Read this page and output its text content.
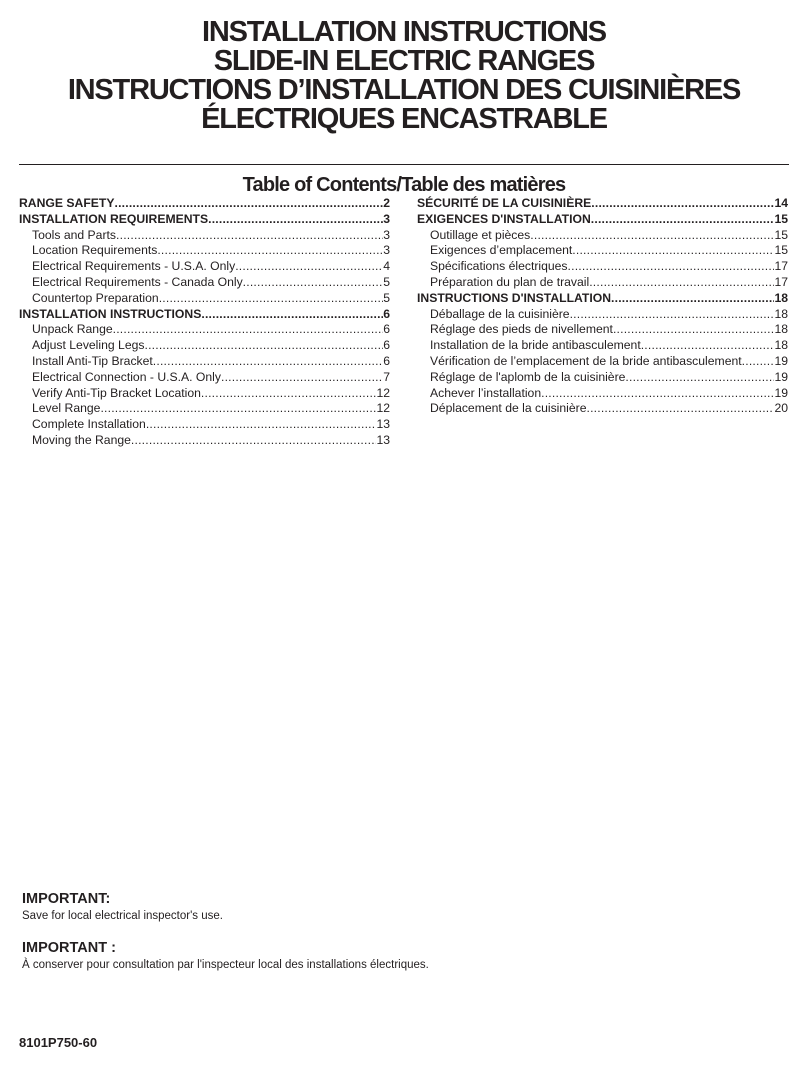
INSTALLATION INSTRUCTIONS
SLIDE-IN ELECTRIC RANGES
INSTRUCTIONS D’INSTALLATION DES CUISINIÈRES
ÉLECTRIQUES ENCASTRABLE
Table of Contents/Table des matières
RANGE SAFETY .....	2
INSTALLATION REQUIREMENTS .....	3
Tools and Parts .....	3
Location Requirements .....	3
Electrical Requirements - U.S.A. Only .....	4
Electrical Requirements - Canada Only .....	5
Countertop Preparation .....	5
INSTALLATION INSTRUCTIONS .....	6
Unpack Range .....	6
Adjust Leveling Legs .....	6
Install Anti-Tip Bracket .....	6
Electrical Connection - U.S.A. Only .....	7
Verify Anti-Tip Bracket Location .....	12
Level Range .....	12
Complete Installation .....	13
Moving the Range .....	13
SÉCURITÉ DE LA CUISINIÈRE .....	14
EXIGENCES D'INSTALLATION .....	15
Outillage et pièces .....	15
Exigences d’emplacement .....	15
Spécifications électriques .....	17
Préparation du plan de travail .....	17
INSTRUCTIONS D'INSTALLATION .....	18
Déballage de la cuisinière .....	18
Réglage des pieds de nivellement .....	18
Installation de la bride antibasculement .....	18
Vérification de l’emplacement de la bride antibasculement .....	19
Réglage de l'aplomb de la cuisinière .....	19
Achever l’installation .....	19
Déplacement de la cuisinière .....	20
IMPORTANT:
Save for local electrical inspector's use.
IMPORTANT :
À conserver pour consultation par l'inspecteur local des installations électriques.
8101P750-60
